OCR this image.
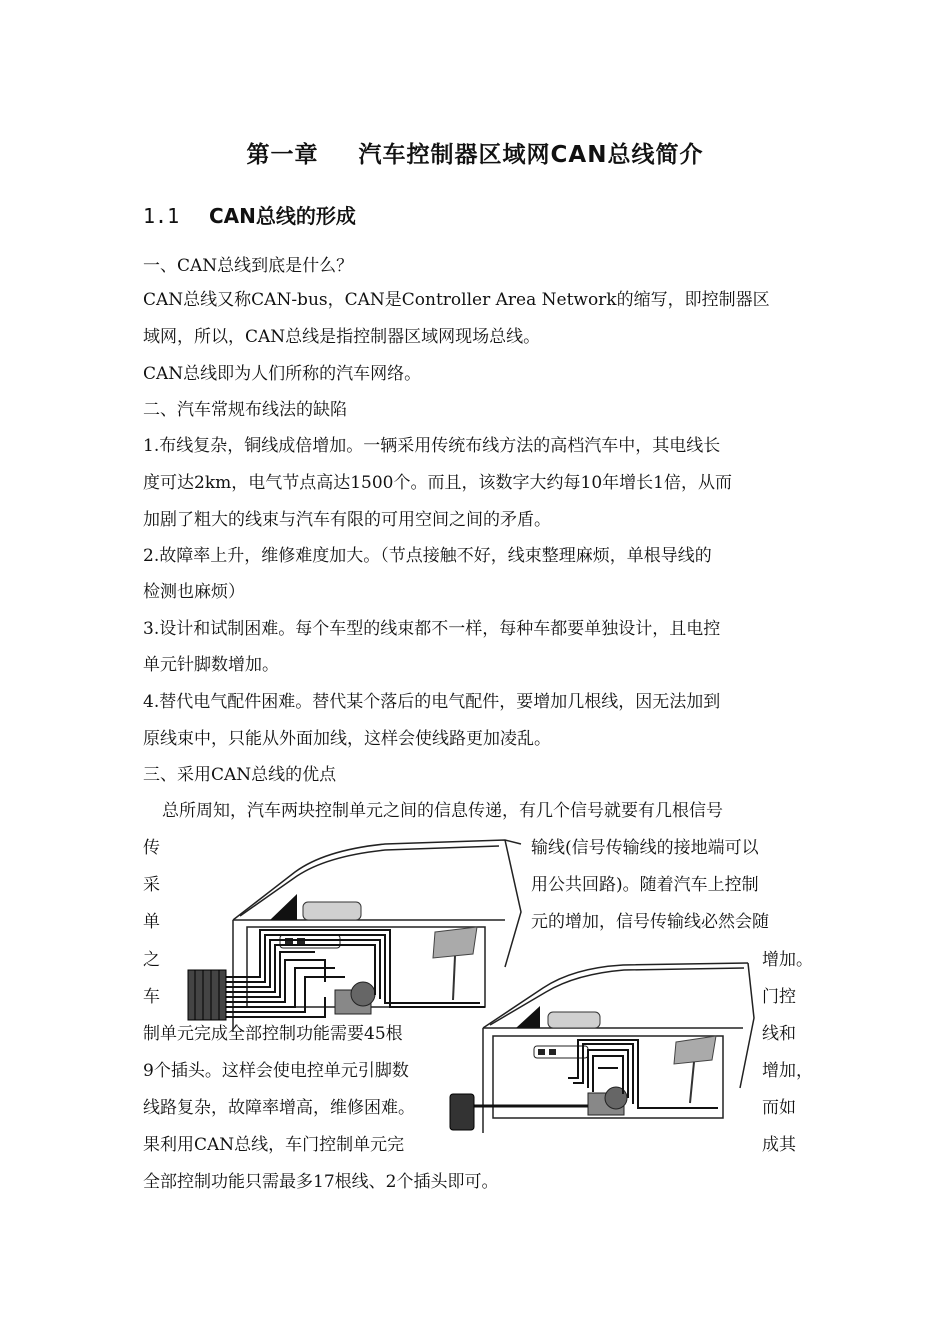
第一章 汽车控制器区域网CAN总线简介
1.1 CAN总线的形成
一、CAN总线到底是什么？
CAN总线又称CAN-bus，CAN是Controller Area Network的缩写，即控制器区
域网，所以，CAN总线是指控制器区域网现场总线。
CAN总线即为人们所称的汽车网络。
二、汽车常规布线法的缺陷
1.布线复杂，铜线成倍增加。一辆采用传统布线方法的高档汽车中，其电线长
度可达2km，电气节点高达1500个。而且，该数字大约每10年增长1倍，从而
加剧了粗大的线束与汽车有限的可用空间之间的矛盾。
2.故障率上升，维修难度加大。（节点接触不好，线束整理麻烦，单根导线的
检测也麻烦）
3.设计和试制困难。每个车型的线束都不一样，每种车都要单独设计，且电控
单元针脚数增加。
4.替代电气配件困难。替代某个落后的电气配件，要增加几根线，因无法加到
原线束中，只能从外面加线，这样会使线路更加凌乱。
三、采用CAN总线的优点
总所周知，汽车两块控制单元之间的信息传递，有几个信号就要有几根信号
传
采
单
之
车
制单元完成全部控制功能需要45根
9个插头。这样会使电控单元引脚数
线路复杂，故障率增高，维修困难。
果利用CAN总线，车门控制单元完
全部控制功能只需最多17根线、2个插头即可。
输线(信号传输线的接地端可以
用公共回路)。随着汽车上控制
元的增加，信号传输线必然会随
增加。
门控
线和
增加，
而如
成其
